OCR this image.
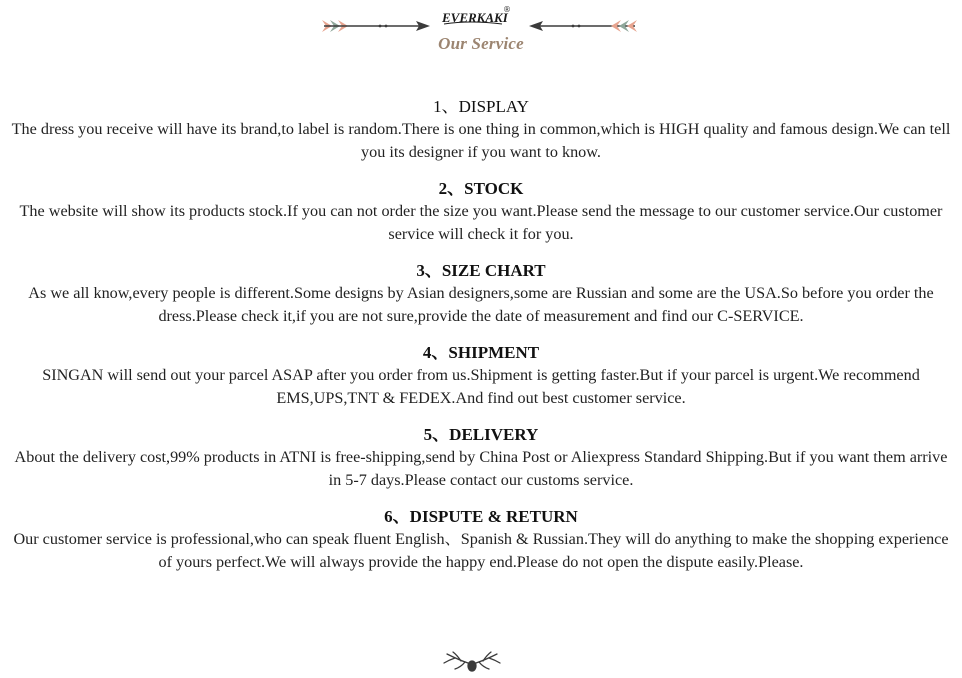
EVERKAKI
®
Our Service

1、DISPLAY

The dress you receive will have its brand,to label is random.There is one thing in common,which is HIGH quality and famous design.We can tell you its designer if you want to know.

2、STOCK

The website will show its products stock.If you can not order the size you want.Please send the message to our customer service.Our customer service will check it for you.

3、SIZE CHART

As we all know,every people is different.Some designs by Asian designers,some are Russian and some are the USA.So before you order the dress.Please check it,if you are not sure,provide the date of measurement and find our C-SERVICE.

4、SHIPMENT

SINGAN will send out your parcel ASAP after you order from us.Shipment is getting faster.But if your parcel is urgent.We recommend EMS,UPS,TNT & FEDEX.And find out best customer service.

5、DELIVERY

About the delivery cost,99% products in ATNI is free-shipping,send by China Post or Aliexpress Standard Shipping.But if you want them arrive in 5-7 days.Please contact our customs service.

6、DISPUTE & RETURN

Our customer service is professional,who can speak fluent English、Spanish & Russian.They will do anything to make the shopping experience of yours perfect.We will always provide the happy end.Please do not open the dispute easily.Please.
